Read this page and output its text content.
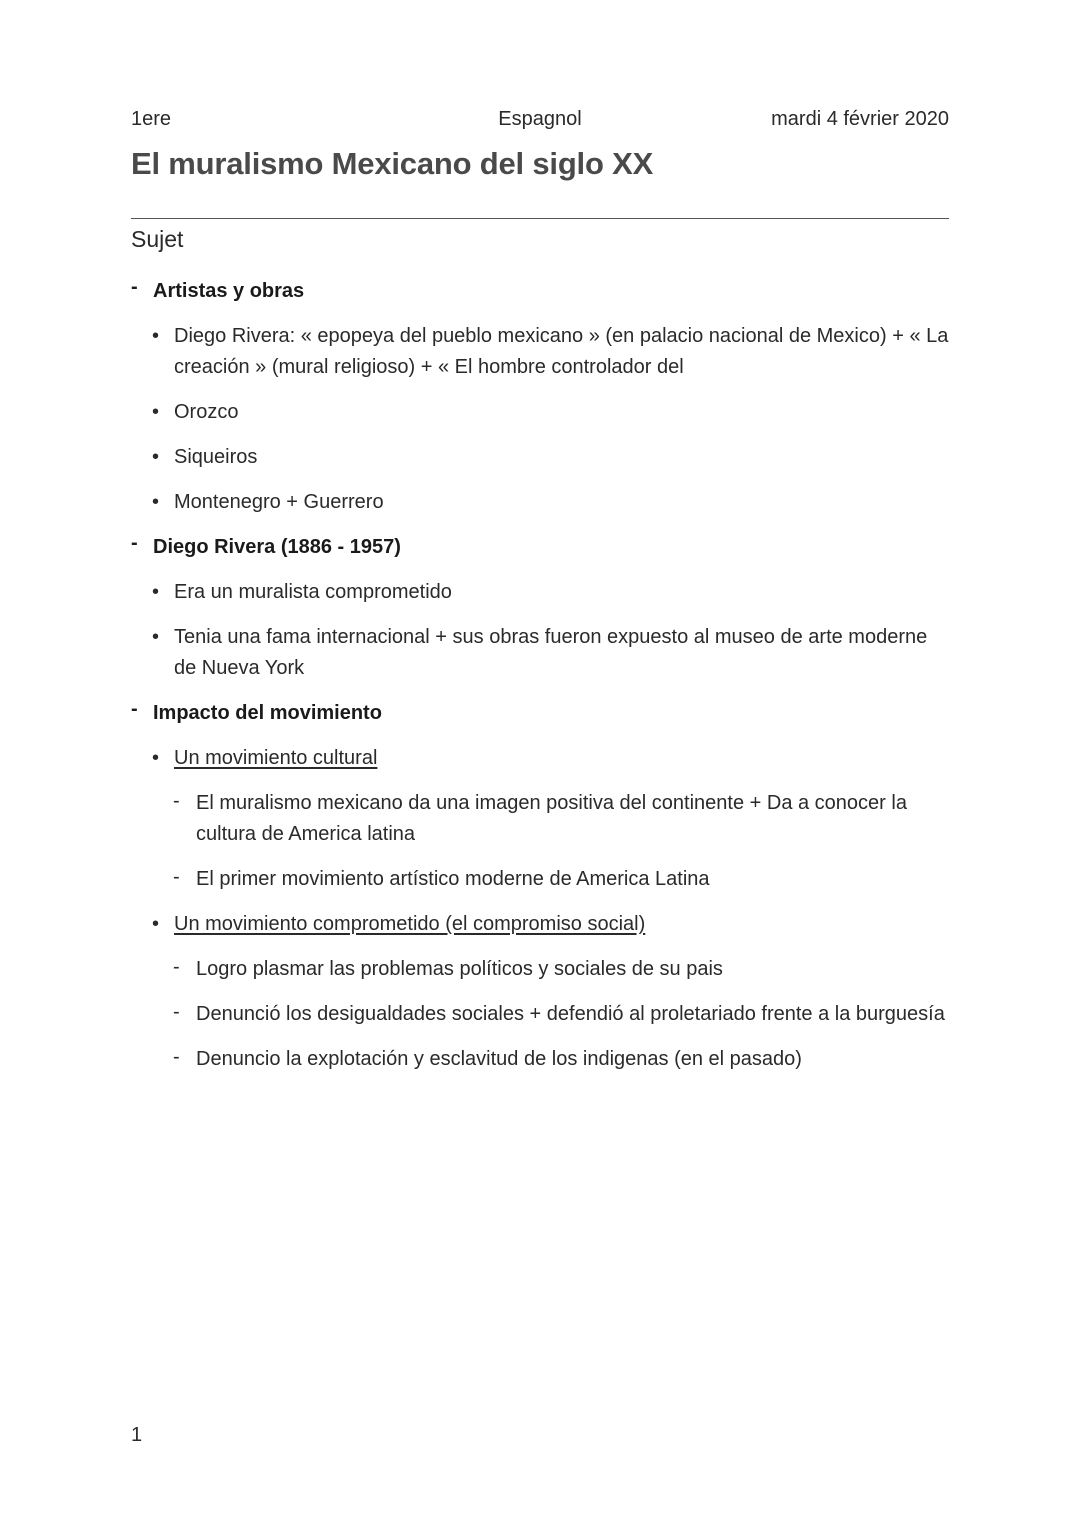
1ere	Espagnol	mardi 4 février 2020
El muralismo Mexicano del siglo XX
Sujet
- Artistas y obras
• Diego Rivera: « epopeya del pueblo mexicano » (en palacio nacional de Mexico) + « La creación » (mural religioso) + « El hombre controlador del
• Orozco
• Siqueiros
• Montenegro + Guerrero
- Diego Rivera (1886 - 1957)
• Era un muralista comprometido
• Tenia una fama internacional + sus obras fueron expuesto al museo de arte moderne de Nueva York
- Impacto del movimiento
• Un movimiento cultural
- El muralismo mexicano da una imagen positiva del continente + Da a conocer la cultura de America latina
- El primer movimiento artístico moderne de America Latina
• Un movimiento comprometido (el compromiso social)
- Logro plasmar las problemas políticos y sociales de su pais
- Denunció los desigualdades sociales + defendió al proletariado frente a la burguesía
- Denuncio la explotación y esclavitud de los indigenas (en el pasado)
1
